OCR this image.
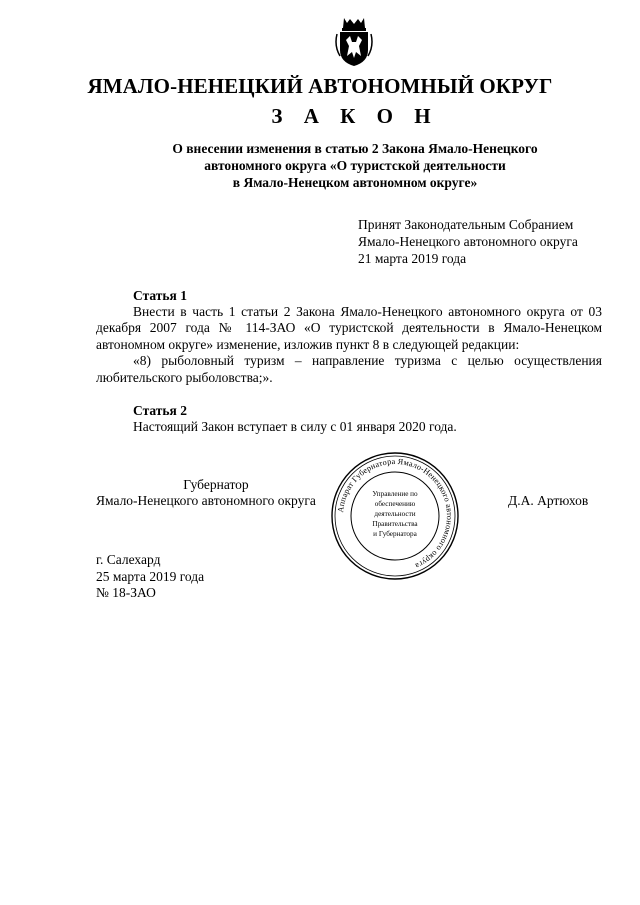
ЯМАЛО-НЕНЕЦКИЙ АВТОНОМНЫЙ ОКРУГ
З А К О Н
О внесении изменения в статью 2 Закона Ямало-Ненецкого
автономного округа «О туристской деятельности
в Ямало-Ненецком автономном округе»
Принят Законодательным Собранием
Ямало-Ненецкого автономного округа
21 марта 2019 года
Статья 1

Внести в часть 1 статьи 2 Закона Ямало-Ненецкого автономного округа от 03 декабря 2007 года № 114-ЗАО «О туристской деятельности в Ямало-Ненецком автономном округе» изменение, изложив пункт 8 в следующей редакции:

«8) рыболовный туризм – направление туризма с целью осуществления любительского рыболовства;».

Статья 2

Настоящий Закон вступает в силу с 01 января 2020 года.

Губернатор
Ямало-Ненецкого автономного округа	Д.А. Артюхов
Аппарат Губернатора Ямало-Ненецкого автономного округа
Управление по
обеспечению
деятельности
Правительства
и Губернатора
г. Салехард
25 марта 2019 года
№ 18-ЗАО
